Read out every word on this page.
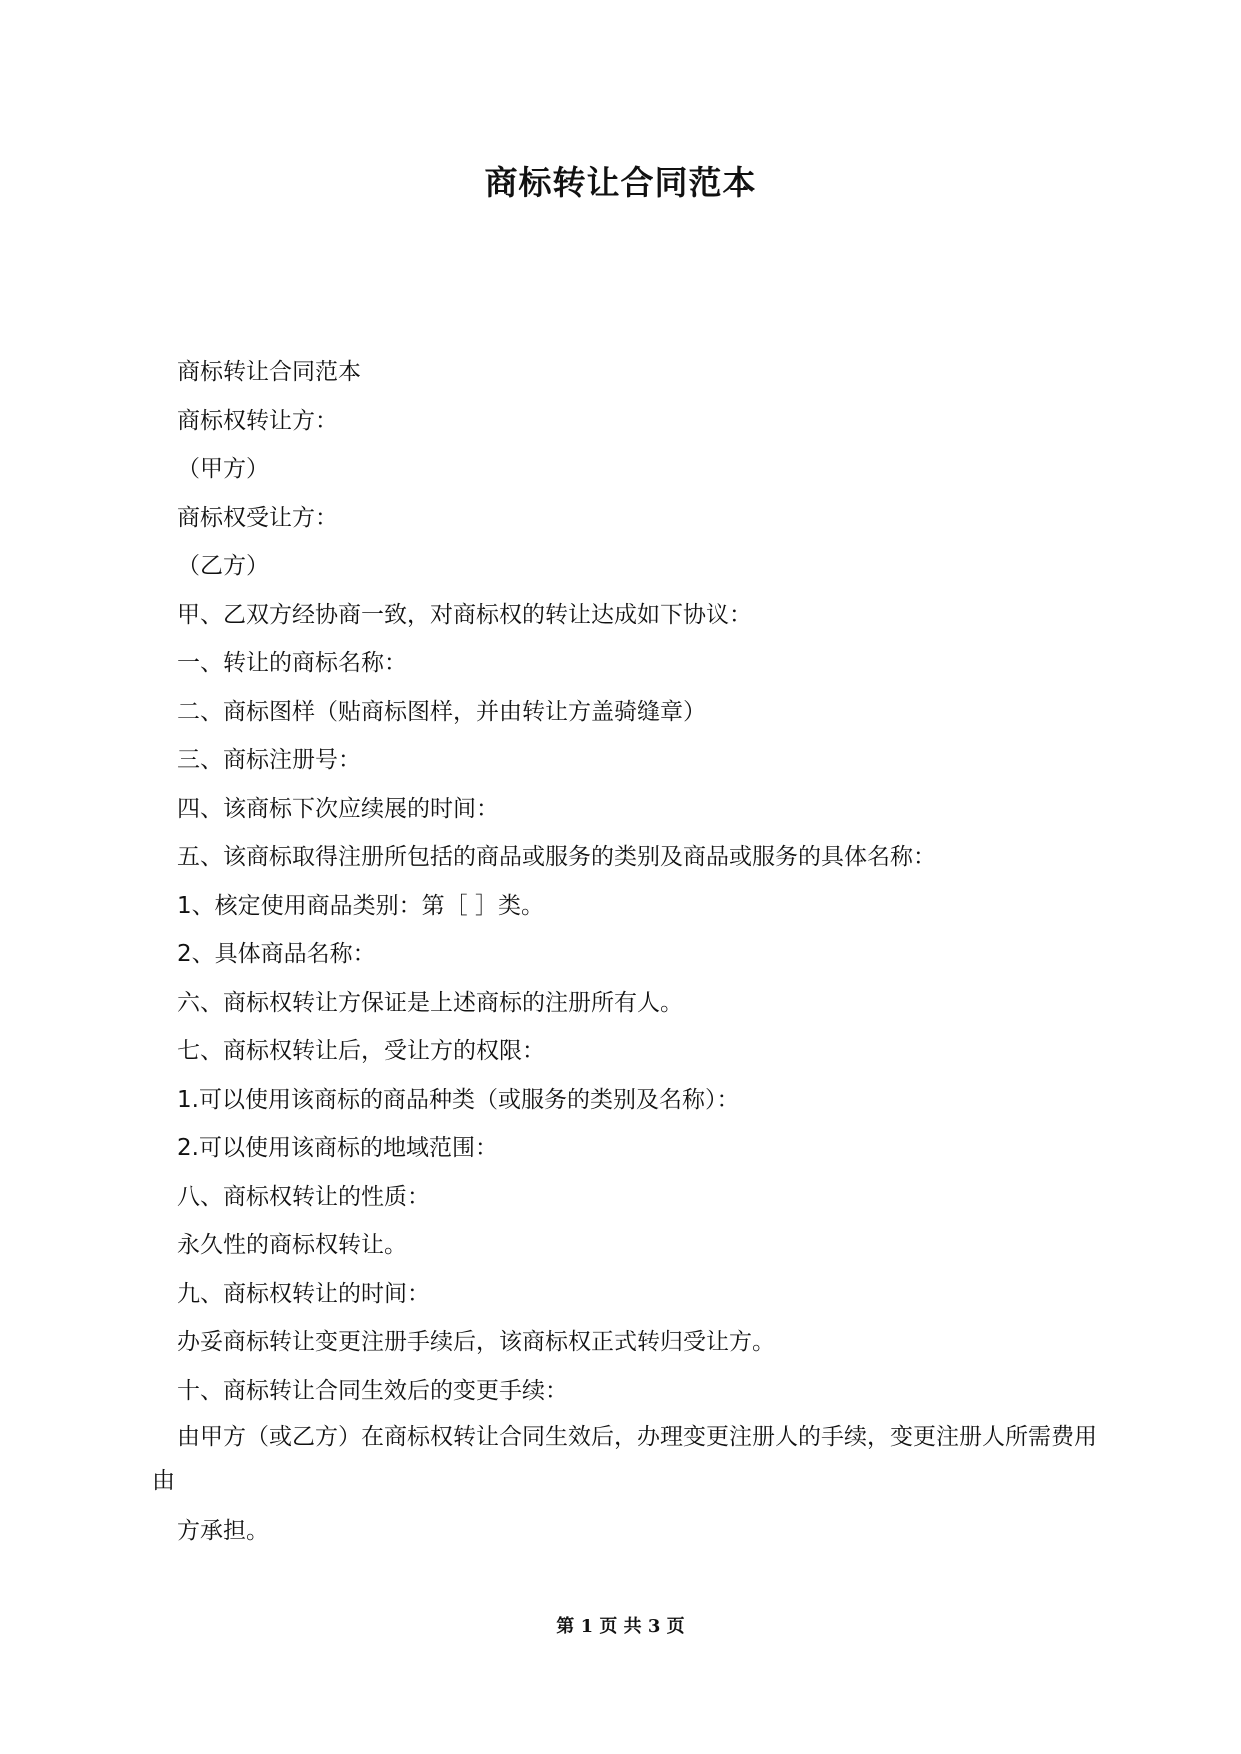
商标转让合同范本

商标转让合同范本

商标权转让方：

（甲方）

商标权受让方：

（乙方）

甲、乙双方经协商一致，对商标权的转让达成如下协议：

一、转让的商标名称：

二、商标图样（贴商标图样，并由转让方盖骑缝章）

三、商标注册号：

四、该商标下次应续展的时间：

五、该商标取得注册所包括的商品或服务的类别及商品或服务的具体名称：

1、核定使用商品类别：第［ ］类。

2、具体商品名称：

六、商标权转让方保证是上述商标的注册所有人。

七、商标权转让后，受让方的权限：

1.可以使用该商标的商品种类（或服务的类别及名称）：

2.可以使用该商标的地域范围：

八、商标权转让的性质：

永久性的商标权转让。

九、商标权转让的时间：

办妥商标转让变更注册手续后，该商标权正式转归受让方。

十、商标转让合同生效后的变更手续：

由甲方（或乙方）在商标权转让合同生效后，办理变更注册人的手续，变更注册人所需费用由

方承担。

第 1 页 共 3 页
